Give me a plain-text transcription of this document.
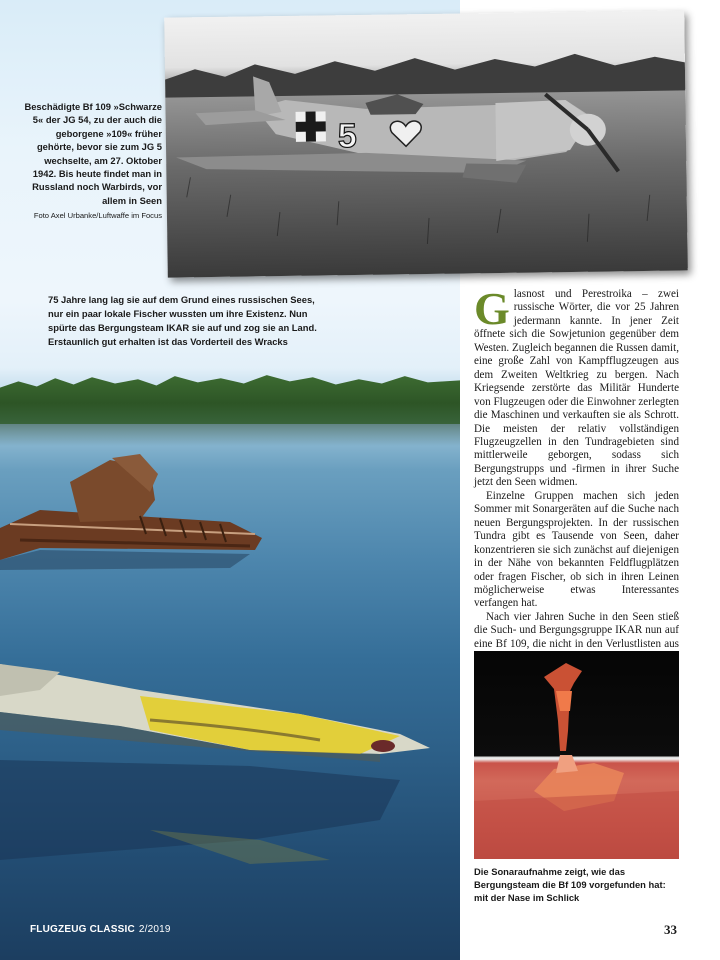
5
Beschädigte Bf 109 »Schwarze 5« der JG 54, zu der auch die geborgene »109« früher gehörte, bevor sie zum JG 5 wechselte, am 27. Oktober 1942. Bis heute findet man in Russland noch Warbirds, vor allem in Seen
Foto Axel Urbanke/Luftwaffe im Focus
75 Jahre lang lag sie auf dem Grund eines russischen Sees, nur ein paar lokale Fischer wussten um ihre Existenz. Nun spürte das Bergungsteam IKAR sie auf und zog sie an Land. Erstaunlich gut erhalten ist das Vorderteil des Wracks

Glasnost und Perestroika – zwei russische Wörter, die vor 25 Jahren jedermann kannte. In jener Zeit öffnete sich die Sowjetunion gegenüber dem Westen. Zugleich begannen die Russen damit, eine große Zahl von Kampfflugzeugen aus dem Zweiten Weltkrieg zu bergen. Nach Kriegsende zerstörte das Militär Hunderte von Flugzeugen oder die Einwohner zerlegten die Maschinen und verkauften sie als Schrott. Die meisten der relativ vollständigen Flugzeugzellen in den Tundragebieten sind mittlerweile geborgen, sodass sich Bergungstrupps und -firmen in ihrer Suche jetzt den Seen widmen.

Einzelne Gruppen machen sich jeden Sommer mit Sonargeräten auf die Suche nach neuen Bergungsprojekten. In der russischen Tundra gibt es Tausende von Seen, daher konzentrieren sie sich zunächst auf diejenigen in der Nähe von bekannten Feldflugplätzen oder fragen Fischer, ob sich in ihren Leinen möglicherweise etwas Interessantes verfangen hat.

Nach vier Jahren Suche in den Seen stieß die Such- und Bergungsgruppe IKAR nun auf eine Bf 109, die nicht in den Verlustlisten aus

Die Sonaraufnahme zeigt, wie das Bergungsteam die Bf 109 vorgefunden hat: mit der Nase im Schlick
FLUGZEUG CLASSIC 2/2019	33
